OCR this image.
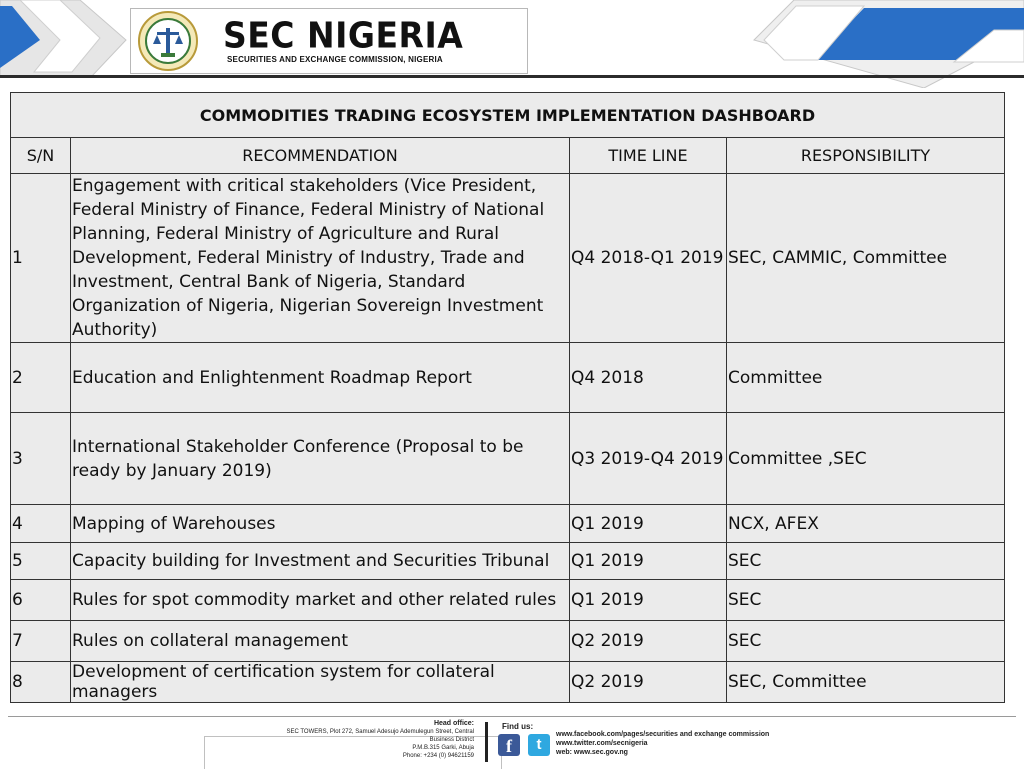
SEC NIGERIA
SECURITIES AND EXCHANGE COMMISSION, NIGERIA
COMMODITIES TRADING ECOSYSTEM IMPLEMENTATION DASHBOARD			
S/N	RECOMMENDATION	TIME LINE	RESPONSIBILITY
1	Engagement with critical stakeholders (Vice President, Federal Ministry of Finance, Federal Ministry of National Planning, Federal Ministry of Agriculture and Rural Development, Federal Ministry of Industry, Trade and Investment, Central Bank of Nigeria, Standard Organization of Nigeria, Nigerian Sovereign Investment Authority)	Q4 2018-Q1 2019	SEC, CAMMIC, Committee
2	Education and Enlightenment Roadmap Report	Q4 2018	Committee
3	International Stakeholder Conference (Proposal to be ready by January 2019)	Q3 2019-Q4 2019	Committee ,SEC
4	Mapping of Warehouses	Q1 2019	NCX, AFEX
5	Capacity building for Investment and Securities Tribunal	Q1 2019	SEC
6	Rules for spot commodity market and other related rules	Q1 2019	SEC
7	Rules on collateral management	Q2 2019	SEC
8	Development of certification system for collateral managers	Q2 2019	SEC, Committee
Head office:
SEC TOWERS, Plot 272, Samuel Adesujo Ademulegun Street, Central
Business District
P.M.B.315 Garki, Abuja
Phone: +234 (0) 94621159
Find us:
f	t
www.facebook.com/pages/securities and exchange commission
www.twitter.com/secnigeria
web: www.sec.gov.ng
